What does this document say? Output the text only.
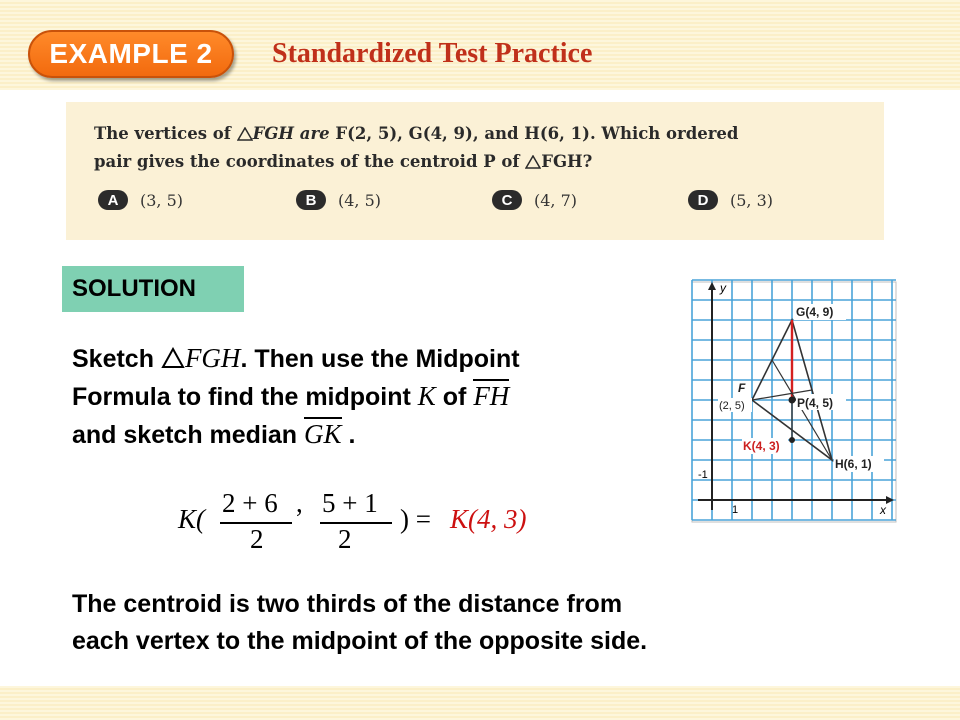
EXAMPLE 2	Standardized Test Practice
The vertices of FGH are F(2, 5), G(4, 9), and H(6, 1). Which ordered
pair gives the coordinates of the centroid P of FGH?
A	(3, 5)	B	(4, 5)	C	(4, 7)	D	(5, 3)
SOLUTION
Sketch FGH. Then use the Midpoint
Formula to find the midpoint K of FH
and sketch median GK .
K(
2 + 6
2
, 5 + 1
2
) = K(4, 3)
The centroid is two thirds of the distance from
each vertex to the midpoint of the opposite side.
y
x
1
-1
G(4, 9)
F
(2, 5)	P(4, 5)
K(4, 3)
H(6, 1)
